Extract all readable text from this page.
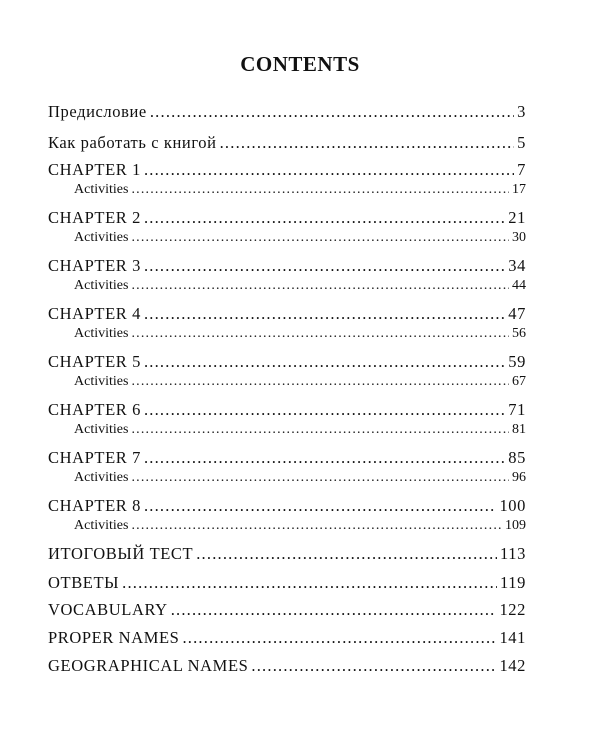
CONTENTS
Предисловие .....	3
Как работать с книгой .....	5
CHAPTER 1 .....	7
Activities .....	17
CHAPTER 2 .....	21
Activities .....	30
CHAPTER 3 .....	34
Activities .....	44
CHAPTER 4 .....	47
Activities .....	56
CHAPTER 5 .....	59
Activities .....	67
CHAPTER 6 .....	71
Activities .....	81
CHAPTER 7 .....	85
Activities .....	96
CHAPTER 8 .....	100
Activities .....	109
ИТОГОВЫЙ ТЕСТ .....	113
ОТВЕТЫ .....	119
VOCABULARY .....	122
PROPER NAMES .....	141
GEOGRAPHICAL NAMES .....	142
